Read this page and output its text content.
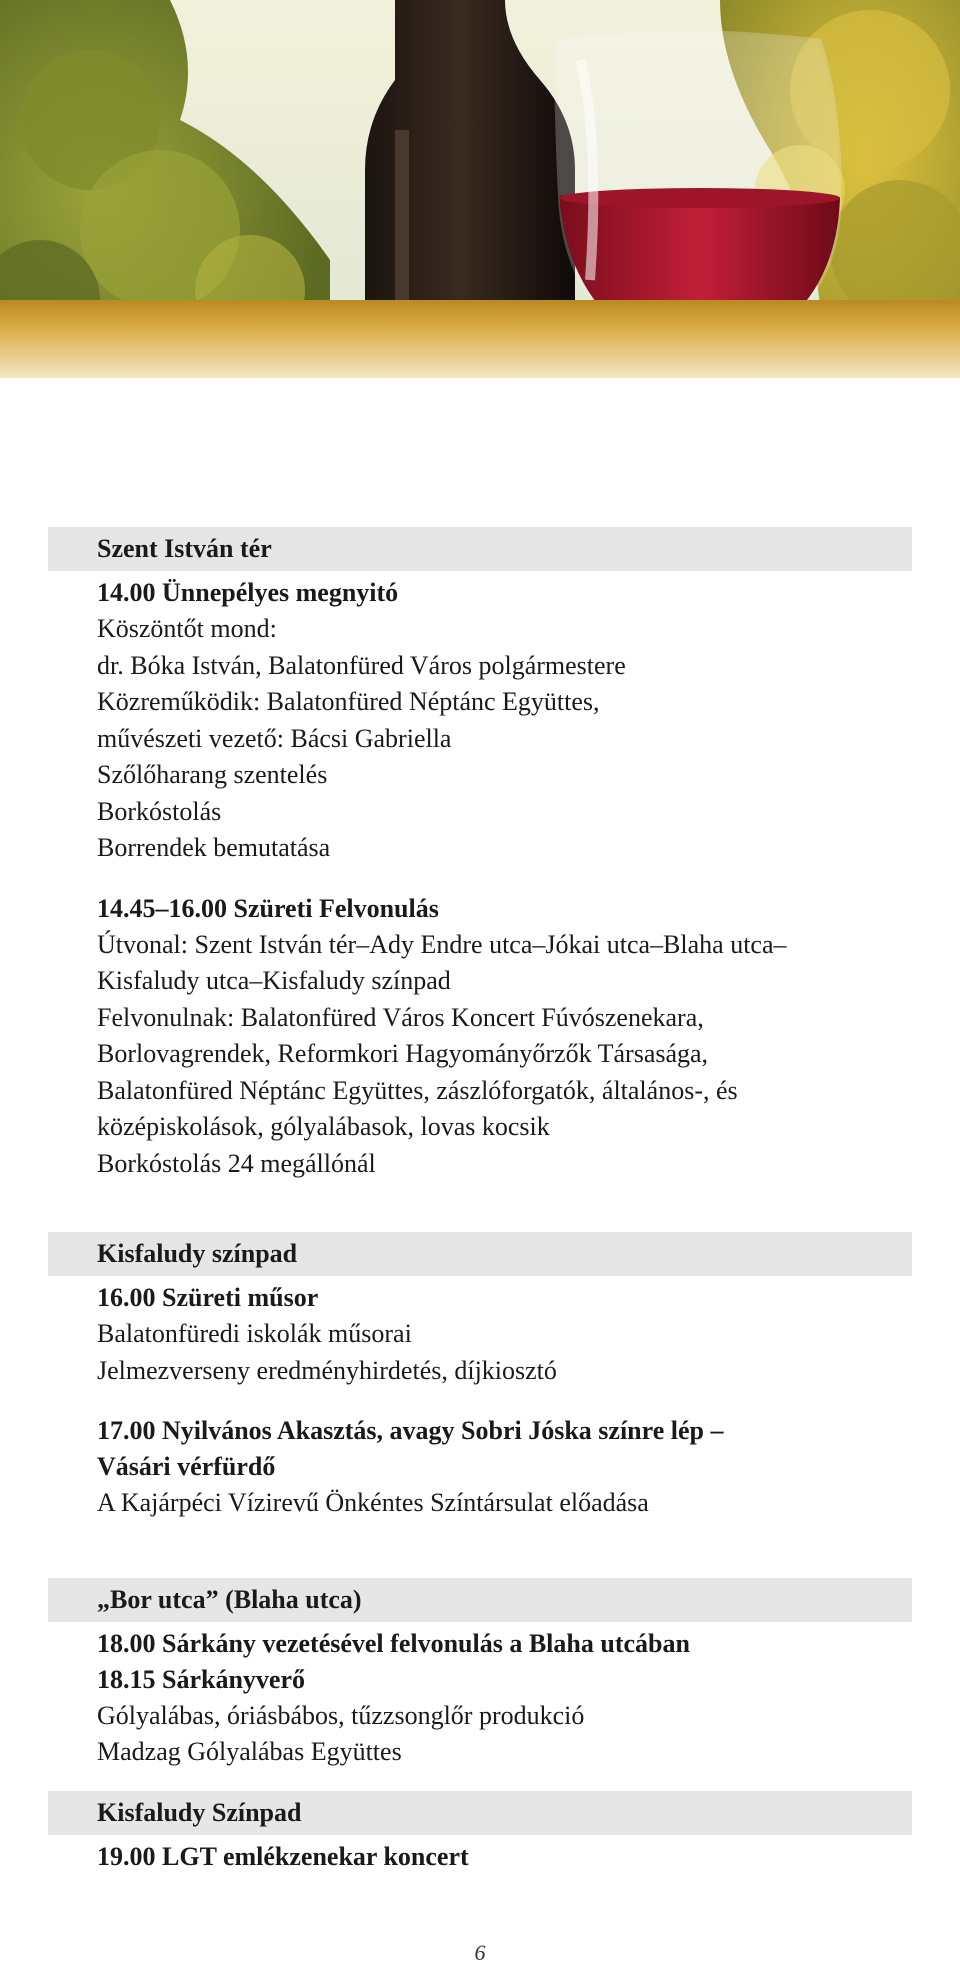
Szent István tér
14.00 Ünnepélyes megnyitó
Köszöntőt mond:
dr. Bóka István, Balatonfüred Város polgármestere
Közreműködik: Balatonfüred Néptánc Együttes,
művészeti vezető: Bácsi Gabriella
Szőlőharang szentelés
Borkóstolás
Borrendek bemutatása
14.45–16.00 Szüreti Felvonulás
Útvonal: Szent István tér–Ady Endre utca–Jókai utca–Blaha utca–
Kisfaludy utca–Kisfaludy színpad
Felvonulnak: Balatonfüred Város Koncert Fúvószenekara,
Borlovagrendek, Reformkori Hagyományőrzők Társasága,
Balatonfüred Néptánc Együttes, zászlóforgatók, általános-, és
középiskolások, gólyalábasok, lovas kocsik
Borkóstolás 24 megállónál
Kisfaludy színpad
16.00 Szüreti műsor
Balatonfüredi iskolák műsorai
Jelmezverseny eredményhirdetés, díjkiosztó
17.00 Nyilvános Akasztás, avagy Sobri Jóska színre lép –
Vásári vérfürdő
A Kajárpéci Vízirevű Önkéntes Színtársulat előadása
„Bor utca” (Blaha utca)
18.00 Sárkány vezetésével felvonulás a Blaha utcában
18.15 Sárkányverő
Gólyalábas, óriásbábos, tűzzsonglőr produkció
Madzag Gólyalábas Együttes
Kisfaludy Színpad
19.00 LGT emlékzenekar koncert
6
